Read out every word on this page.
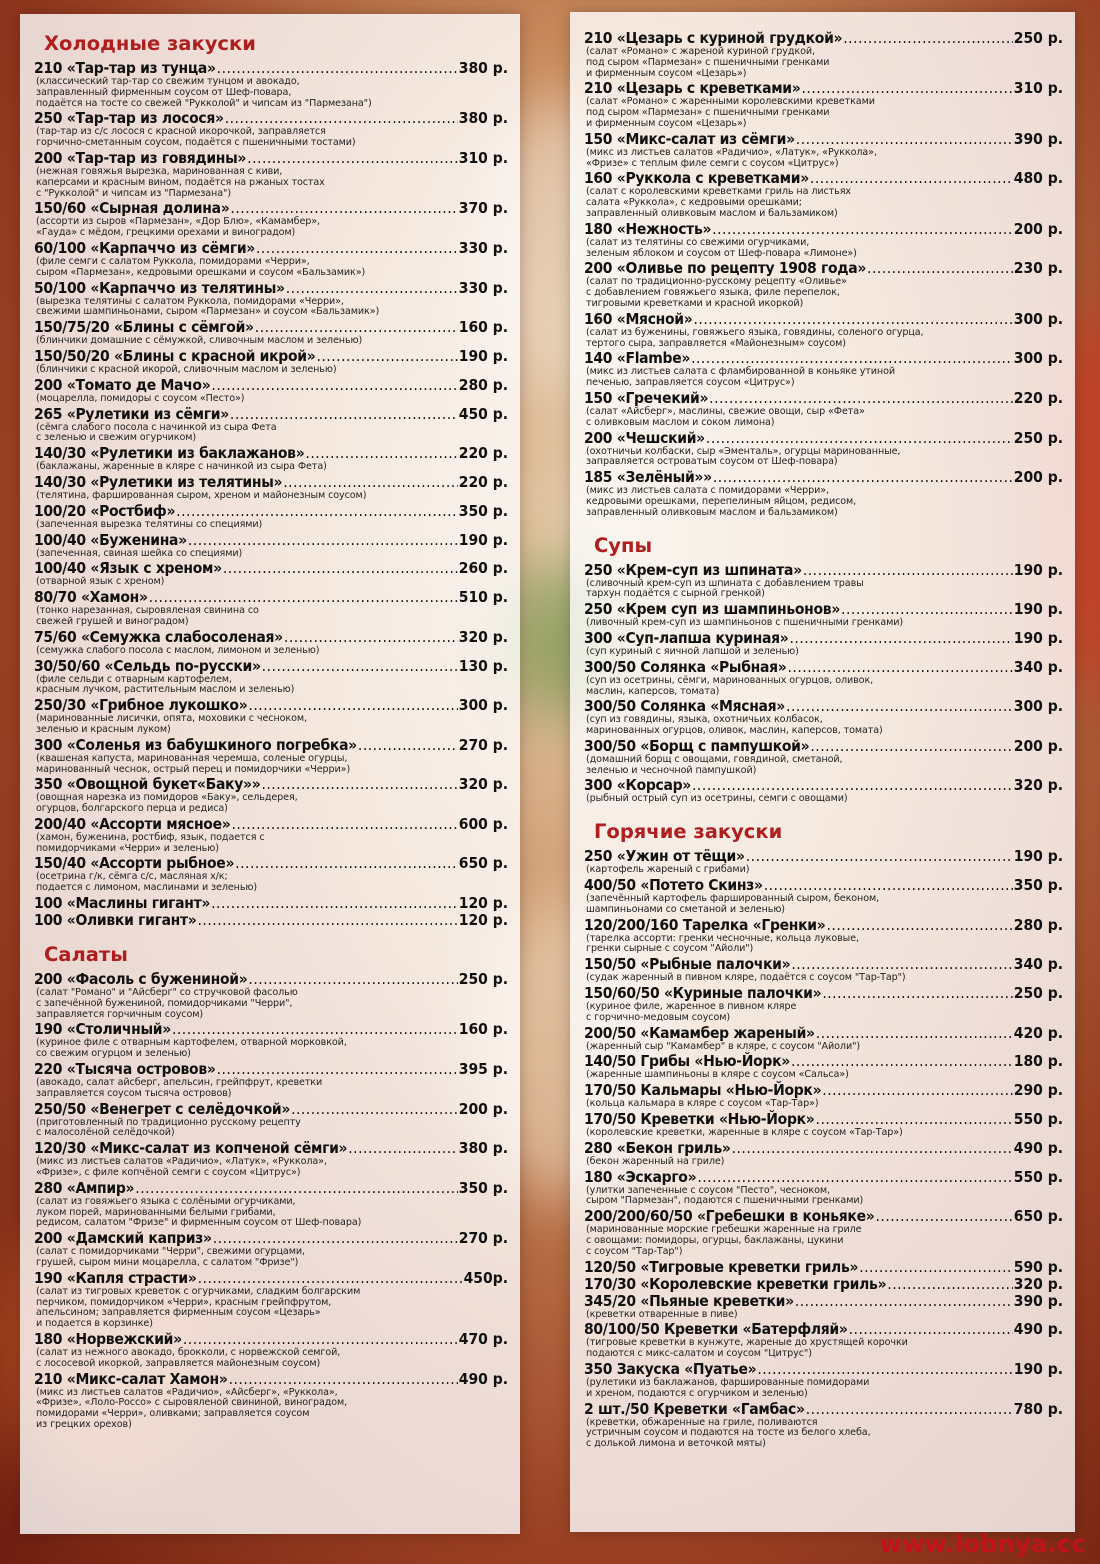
Холодные закуски
210 «Тар-тар из тунца» .....	380 р.
(классический тар-тар со свежим тунцом и авокадо,
заправленный фирменным соусом от Шеф-повара,
подаётся на тосте со свежей "Рукколой" и чипсам из "Пармезана")
250 «Тар-тар из лосося» .....	380 р.
(тар-тар из с/с лосося с красной икорочкой, заправляется
горчично-сметанным соусом, подаётся с пшеничными тостами)
200 «Тар-тар из говядины» .....	310 р.
(нежная говяжья вырезка, маринованная с киви,
каперсами и красным вином, подаётся на ржаных тостах
с "Рукколой" и чипсам из "Пармезана")
150/60 «Сырная долина» .....	370 р.
(ассорти из сыров «Пармезан», «Дор Блю», «Камамбер»,
«Гауда» с мёдом, грецкими орехами и виноградом)
60/100 «Карпаччо из сёмги» .....	330 р.
(филе семги с салатом Руккола, помидорами «Черри»,
сыром «Пармезан», кедровыми орешками и соусом «Бальзамик»)
50/100 «Карпаччо из телятины» .....	330 р.
(вырезка телятины с салатом Руккола, помидорами «Черри»,
свежими шампиньонами, сыром «Пармезан» и соусом «Бальзамик»)
150/75/20 «Блины с сёмгой» .....	160 р.
(блинчики домашние с сёмужкой, сливочным маслом и зеленью)
150/50/20 «Блины с красной икрой» .....	190 р.
(блинчики с красной икорой, сливочным маслом и зеленью)
200 «Томато де Мачо» .....	280 р.
(моцарелла, помидоры с соусом «Песто»)
265 «Рулетики из сёмги» .....	450 р.
(сёмга слабого посола с начинкой из сыра Фета
с зеленью и свежим огурчиком)
140/30 «Рулетики из баклажанов» .....	220 р.
(баклажаны, жаренные в кляре с начинкой из сыра Фета)
140/30 «Рулетики из телятины» .....	220 р.
(телятина, фаршированная сыром, хреном и майонезным соусом)
100/20 «Ростбиф» .....	350 р.
(запеченная вырезка телятины со специями)
100/40 «Буженина» .....	190 р.
(запеченная, свиная шейка со специями)
100/40 «Язык с хреном» .....	260 р.
(отварной язык с хреном)
80/70 «Хамон» .....	510 р.
(тонко нарезанная, сыровяленая свинина со
свежей грушей и виноградом)
75/60 «Семужка слабосоленая» .....	320 р.
(семужка слабого посола с маслом, лимоном и зеленью)
30/50/60 «Сельдь по-русски» .....	130 р.
(филе сельди с отварным картофелем,
красным лучком, растительным маслом и зеленью)
250/30 «Грибное лукошко» .....	300 р.
(маринованные лисички, опята, моховики с чесноком,
зеленью и красным луком)
300 «Соленья из бабушкиного погребка» .....	270 р.
(квашеная капуста, маринованная черемша, соленые огурцы,
маринованный чеснок, острый перец и помидорчики «Черри»)
350 «Овощной букет«Баку»» .....	320 р.
(овощная нарезка из помидоров «Баку», сельдерея,
огурцов, болгарского перца и редиса)
200/40 «Ассорти мясное» .....	600 р.
(хамон, буженина, ростбиф, язык, подается с
помидорчиками «Черри» и зеленью)
150/40 «Ассорти рыбное» .....	650 р.
(осетрина г/к, сёмга с/с, масляная х/к;
подается с лимоном, маслинами и зеленью)
100 «Маслины гигант» .....	120 р.
100 «Оливки гигант» .....	120 р.
Салаты
200 «Фасоль с бужениной» .....	250 р.
(салат "Романо" и "Айсберг" со стручковой фасолью
с запечённой бужениной, помидорчиками "Черри",
заправляется горчичным соусом)
190 «Столичный» .....	160 р.
(куриное филе с отварным картофелем, отварной морковкой,
со свежим огурцом и зеленью)
220 «Тысяча островов» .....	395 р.
(авокадо, салат айсберг, апельсин, грейпфрут, креветки
заправляется соусом тысяча островов)
250/50 «Венегрет с селёдочкой» .....	200 р.
(приготовленный по традиционно русскому рецепту
с малосолёной селёдочкой)
120/30 «Микс-салат из копченой сёмги» .....	380 р.
(микс из листьев салатов «Радичио», «Латук», «Руккола»,
«Фризе», с филе копчёной семги с соусом «Цитрус»)
280 «Ампир» .....	350 р.
(салат из говяжьего языка с солёными огурчиками,
луком порей, маринованными белыми грибами,
редисом, салатом "Фризе" и фирменным соусом от Шеф-повара)
200 «Дамский каприз» .....	270 р.
(салат с помидорчиками "Черри", свежими огурцами,
грушей, сыром мини моцарелла, с салатом "Фризе")
190 «Капля страсти» .....	450р.
(салат из тигровых креветок с огурчиками, сладким болгарским
перчиком, помидорчиком «Черри», красным грейпфрутом,
апельсином; заправляется фирменным соусом «Цезарь»
и подается в корзинке)
180 «Норвежский» .....	470 р.
(салат из нежного авокадо, брокколи, с норвежской семгой,
с лососевой икоркой, заправляется майонезным соусом)
210 «Микс-салат Хамон» .....	490 р.
(микс из листьев салатов «Радичио», «Айсберг», «Руккола»,
«Фризе», «Лоло-Россо» с сыровяленой свининой, виноградом,
помидорами «Черри», оливками; заправляется соусом
из грецких орехов)
210 «Цезарь с куриной грудкой» .....	250 р.
(салат «Романо» с жареной куриной грудкой,
под сыром «Пармезан» с пшеничными гренками
и фирменным соусом «Цезарь»)
210 «Цезарь с креветками» .....	310 р.
(салат «Романо» с жаренными королевскими креветками
под сыром «Пармезан» с пшеничными гренками
и фирменным соусом «Цезарь»)
150 «Микс-салат из сёмги» .....	390 р.
(микс из листьев салатов «Радичио», «Латук», «Руккола»,
«Фризе» с теплым филе семги с соусом «Цитрус»)
160 «Руккола с креветками» .....	480 р.
(салат с королевскими креветками гриль на листьях
салата «Руккола», с кедровыми орешками;
заправленный оливковым маслом и бальзамиком)
180 «Нежность» .....	200 р.
(салат из телятины со свежими огурчиками,
зеленым яблоком и соусом от Шеф-повара «Лимоне»)
200 «Оливье по рецепту 1908 года» .....	230 р.
(салат по традиционно-русскому рецепту «Оливье»
с добавлением говяжьего языка, филе перепелок,
тигровыми креветками и красной икоркой)
160 «Мясной» .....	300 р.
(салат из буженины, говяжьего языка, говядины, соленого огурца,
тертого сыра, заправляется «Майонезным» соусом)
140 «Flambe» .....	300 р.
(микс из листьев салата с фламбированной в коньяке утиной
печенью, заправляется соусом «Цитрус»)
150 «Гречекий» .....	220 р.
(салат «Айсберг», маслины, свежие овощи, сыр «Фета»
с оливковым маслом и соком лимона)
200 «Чешский» .....	250 р.
(охотничьи колбаски, сыр «Эменталь», огурцы маринованные,
заправляется островатым соусом от Шеф-повара)
185 «Зелёный»» .....	200 р.
(микс из листьев салата с помидорами «Черри»,
кедровыми орешками, перепелиным яйцом, редисом,
заправленный оливковым маслом и бальзамиком)
Супы
250 «Крем-суп из шпината» .....	190 р.
(сливочный крем-суп из шпината с добавлением травы
тархун подаётся с сырной гренкой)
250 «Крем суп из шампиньонов» .....	190 р.
(ливочный крем-суп из шампиньонов с пшеничными гренками)
300 «Суп-лапша куриная» .....	190 р.
(суп куриный с яичной лапшой и зеленью)
300/50 Солянка «Рыбная» .....	340 р.
(суп из осетрины, сёмги, маринованных огурцов, оливок,
маслин, каперсов, томата)
300/50 Солянка «Мясная» .....	300 р.
(суп из говядины, языка, охотничьих колбасок,
маринованных огурцов, оливок, маслин, каперсов, томата)
300/50 «Борщ с пампушкой» .....	200 р.
(домашний борщ с овощами, говядиной, сметаной,
зеленью и чесночной пампушкой)
300 «Корсар» .....	320 р.
(рыбный острый суп из осетрины, семги с овощами)
Горячие закуски
250 «Ужин от тёщи» .....	190 р.
(картофель жареный с грибами)
400/50 «Потето Скинз» .....	350 р.
(запечённый картофель фаршированный сыром, беконом,
шампиньонами со сметаной и зеленью)
120/200/160 Тарелка «Гренки» .....	280 р.
(тарелка ассорти: гренки чесночные, кольца луковые,
гренки сырные с соусом "Айоли")
150/50 «Рыбные палочки» .....	340 р.
(судак жаренный в пивном кляре, подаётся с соусом "Тар-Тар")
150/60/50 «Куриные палочки» .....	250 р.
(куриное филе, жаренное в пивном кляре
с горчично-медовым соусом)
200/50 «Камамбер жареный» .....	420 р.
(жаренный сыр "Камамбер" в кляре, с соусом "Айоли")
140/50 Грибы «Нью-Йорк» .....	180 р.
(жаренные шампиньоны в кляре с соусом «Сальса»)
170/50 Кальмары «Нью-Йорк» .....	290 р.
(кольца кальмара в кляре с соусом «Тар-Тар»)
170/50 Креветки «Нью-Йорк» .....	550 р.
(королевские креветки, жаренные в кляре с соусом «Тар-Тар»)
280 «Бекон гриль» .....	490 р.
(бекон жаренный на гриле)
180 «Эскарго» .....	550 р.
(улитки запеченные с соусом "Песто", чесноком,
сыром "Пармезан", подаются с пшеничными гренками)
200/200/60/50 «Гребешки в коньяке» .....	650 р.
(маринованные морские гребешки жаренные на гриле
с овощами: помидоры, огурцы, баклажаны, цукини
с соусом "Тар-Тар")
120/50 «Тигровые креветки гриль» .....	590 р.
170/30 «Королевские креветки гриль» .....	320 р.
345/20 «Пьяные креветки» .....	390 р.
(креветки отваренные в пиве)
80/100/50 Креветки «Батерфляй» .....	490 р.
(тигровые креветки в кунжуте, жареные до хрустящей корочки
подаются с микс-салатом и соусом "Цитрус")
350 Закуска «Пуатье» .....	190 р.
(рулетики из баклажанов, фаршированные помидорами
и хреном, подаются с огурчиком и зеленью)
2 шт./50 Креветки «Гамбас» .....	780 р.
(креветки, обжаренные на гриле, поливаются
устричным соусом и подаются на тосте из белого хлеба,
с долькой лимона и веточкой мяты)
www.lobnya.cc
